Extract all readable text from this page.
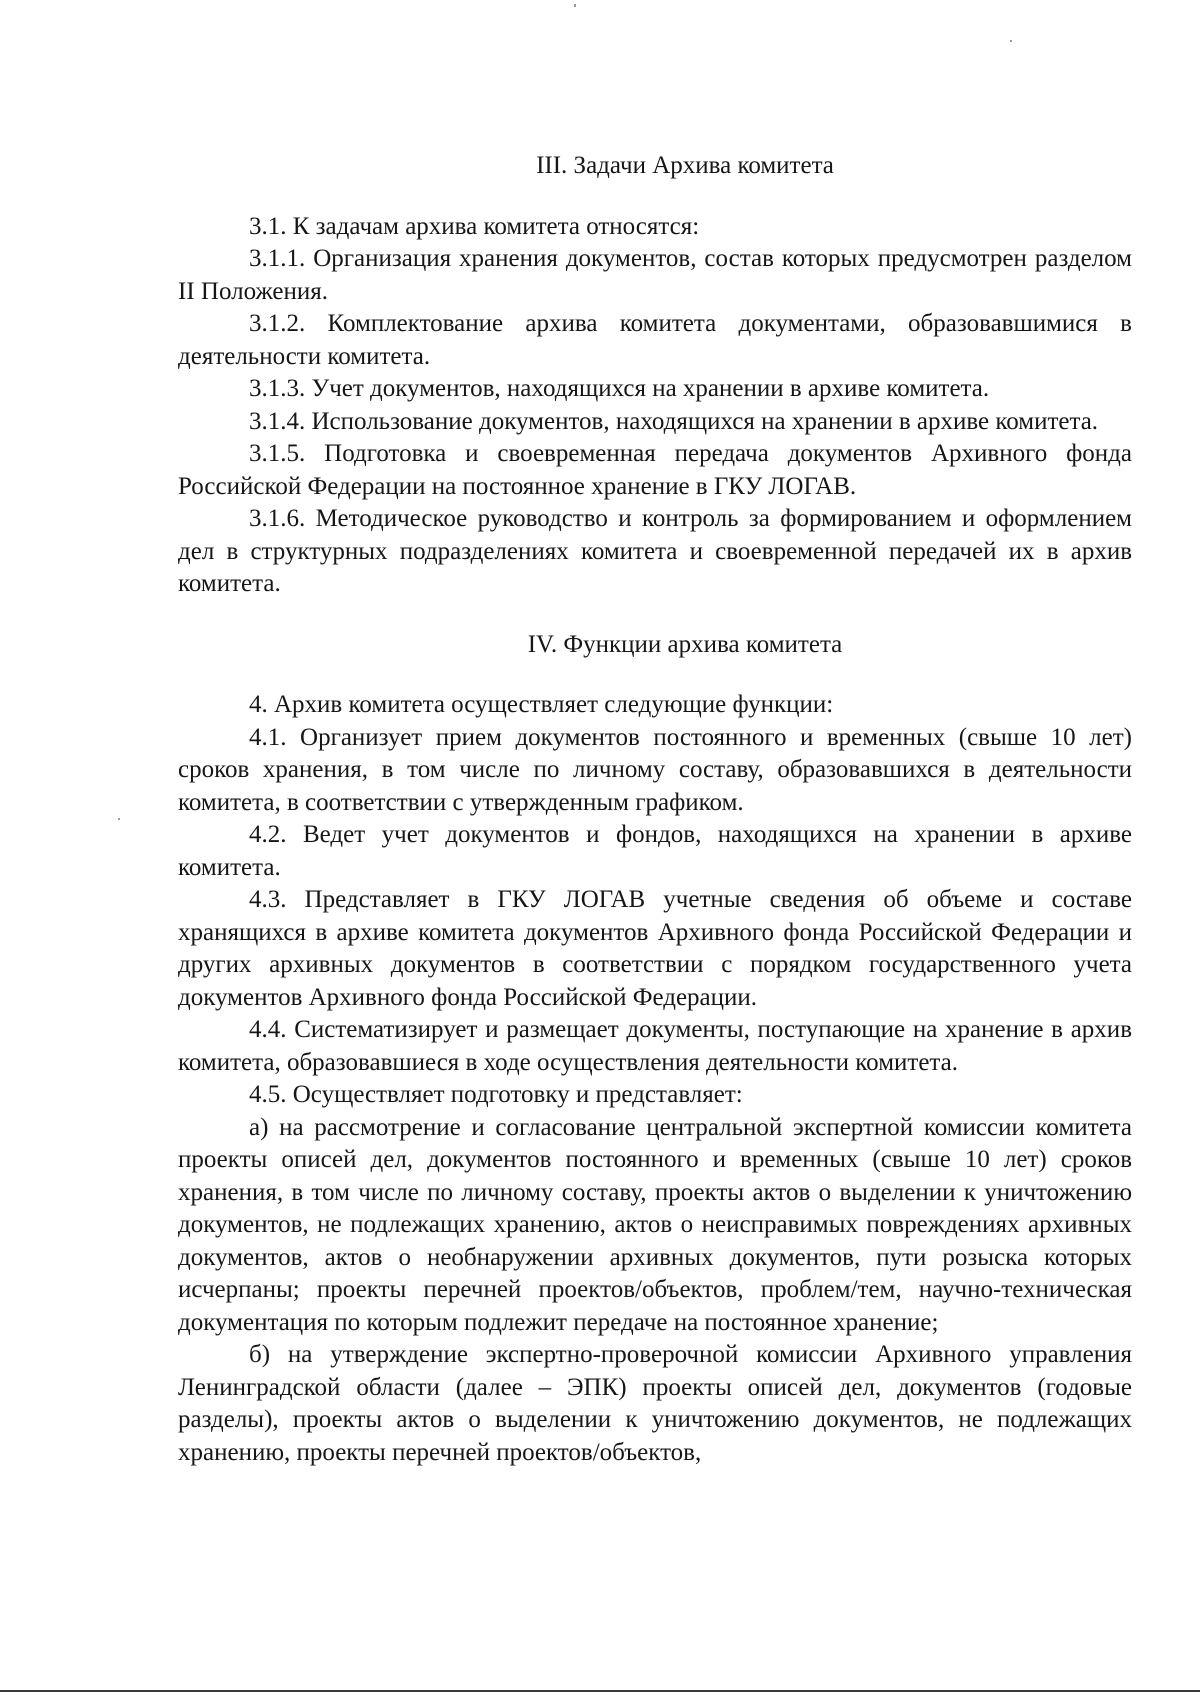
III. Задачи Архива комитета

3.1. К задачам архива комитета относятся:

3.1.1. Организация хранения документов, состав которых предусмотрен разделом II Положения.

3.1.2. Комплектование архива комитета документами, образовавшимися в деятельности комитета.

3.1.3. Учет документов, находящихся на хранении в архиве комитета.

3.1.4. Использование документов, находящихся на хранении в архиве комитета.

3.1.5. Подготовка и своевременная передача документов Архивного фонда Российской Федерации на постоянное хранение в ГКУ ЛОГАВ.

3.1.6. Методическое руководство и контроль за формированием и оформлением дел в структурных подразделениях комитета и своевременной передачей их в архив комитета.

IV. Функции архива комитета

4. Архив комитета осуществляет следующие функции:

4.1. Организует прием документов постоянного и временных (свыше 10 лет) сроков хранения, в том числе по личному составу, образовавшихся в деятельности комитета, в соответствии с утвержденным графиком.

4.2. Ведет учет документов и фондов, находящихся на хранении в архиве комитета.

4.3. Представляет в ГКУ ЛОГАВ учетные сведения об объеме и составе хранящихся в архиве комитета документов Архивного фонда Российской Федерации и других архивных документов в соответствии с порядком государственного учета документов Архивного фонда Российской Федерации.

4.4. Систематизирует и размещает документы, поступающие на хранение в архив комитета, образовавшиеся в ходе осуществления деятельности комитета.

4.5. Осуществляет подготовку и представляет:

а) на рассмотрение и согласование центральной экспертной комиссии комитета проекты описей дел, документов постоянного и временных (свыше 10 лет) сроков хранения, в том числе по личному составу, проекты актов о выделении к уничтожению документов, не подлежащих хранению, актов о неисправимых повреждениях архивных документов, актов о необнаружении архивных документов, пути розыска которых исчерпаны; проекты перечней проектов/объектов, проблем/тем, научно-техническая документация по которым подлежит передаче на постоянное хранение;

б) на утверждение экспертно-проверочной комиссии Архивного управления Ленинградской области (далее – ЭПК) проекты описей дел, документов (годовые разделы), проекты актов о выделении к уничтожению документов, не подлежащих хранению, проекты перечней проектов/объектов,
